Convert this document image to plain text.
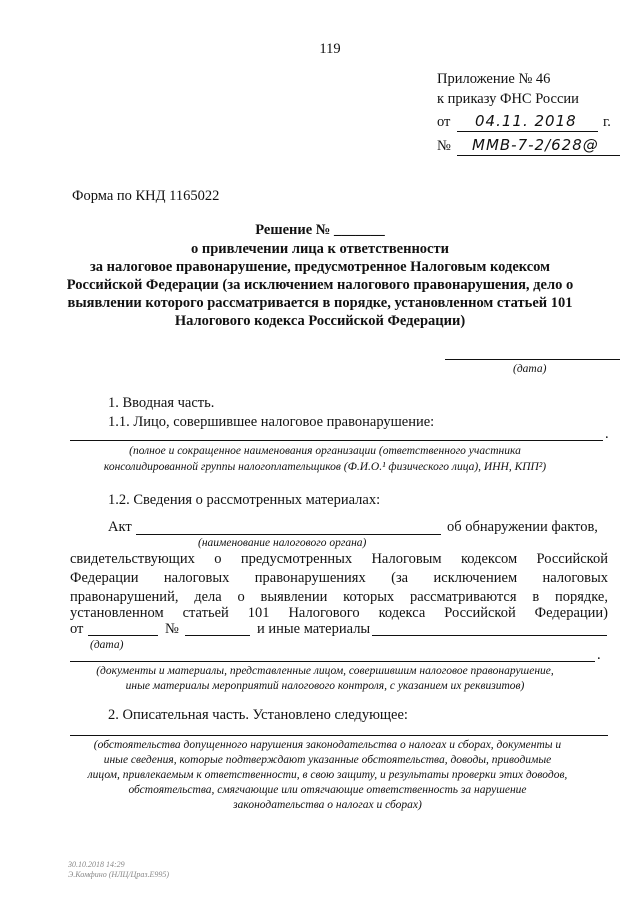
119
Приложение № 46
к приказу ФНС России
от 04.11. 2018 г.
№ ММВ-7-2/628@
Форма по КНД 1165022
Решение № _______
о привлечении лица к ответственности
за налоговое правонарушение, предусмотренное Налоговым кодексом
Российской Федерации (за исключением налогового правонарушения, дело о
выявлении которого рассматривается в порядке, установленном статьей 101
Налогового кодекса Российской Федерации)
(дата)
1. Вводная часть.
1.1. Лицо, совершившее налоговое правонарушение:
.
(полное и сокращенное наименования организации (ответственного участника
консолидированной группы налогоплательщиков (Ф.И.О.¹ физического лица), ИНН, КПП²)
1.2. Сведения о рассмотренных материалах:
Акт	об обнаружении фактов,
(наименование налогового органа)
свидетельствующих о предусмотренных Налоговым кодексом Российской
Федерации налоговых правонарушениях (за исключением налоговых
правонарушений, дела о выявлении которых рассматриваются в порядке,
установленном статьей 101 Налогового кодекса Российской Федерации)
от	№	и иные материалы
(дата)
.
(документы и материалы, представленные лицом, совершившим налоговое правонарушение,
иные материалы мероприятий налогового контроля, с указанием их реквизитов)
2. Описательная часть. Установлено следующее:
(обстоятельства допущенного нарушения законодательства о налогах и сборах, документы и
иные сведения, которые подтверждают указанные обстоятельства, доводы, приводимые
лицом, привлекаемым к ответственности, в свою защиту, и результаты проверки этих доводов,
обстоятельства, смягчающие или отягчающие ответственность за нарушение
законодательства о налогах и сборах)
30.10.2018 14:29
Э.Комфино (НЛЦ/Цраз.Е995)
